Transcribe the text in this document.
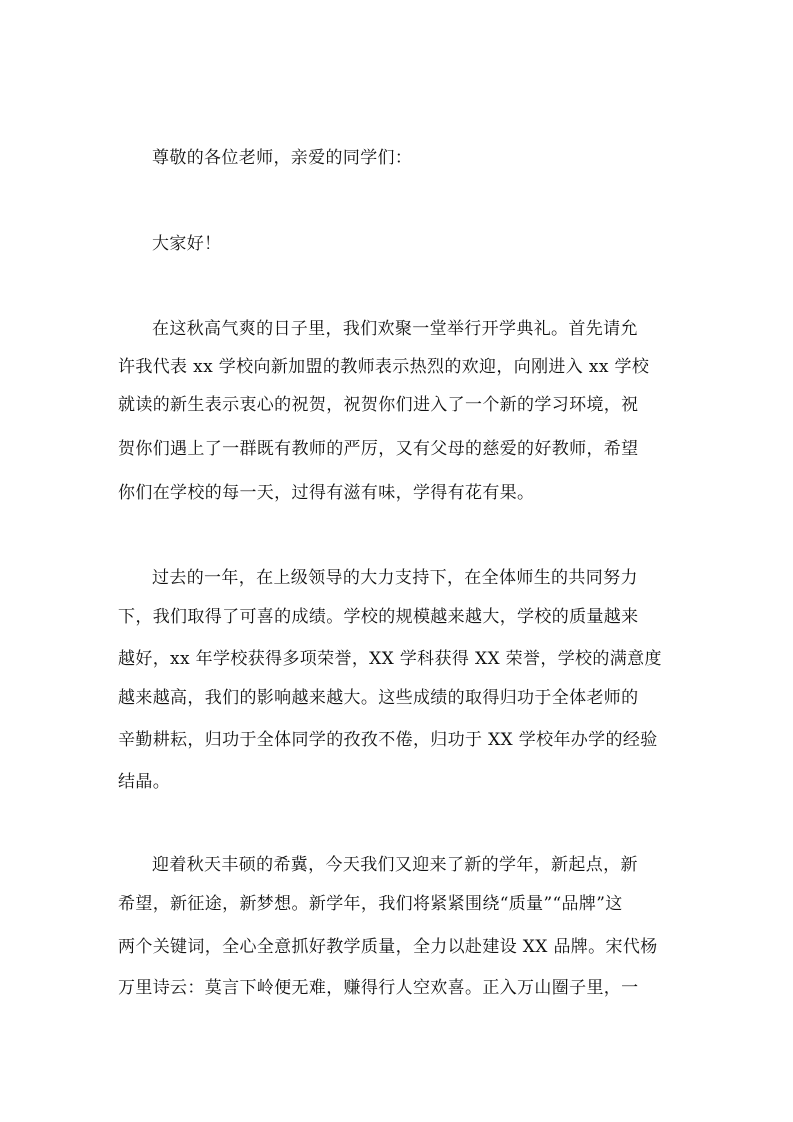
尊敬的各位老师，亲爱的同学们：
大家好！
在这秋高气爽的日子里，我们欢聚一堂举行开学典礼。首先请允
许我代表 xx 学校向新加盟的教师表示热烈的欢迎，向刚进入 xx 学校
就读的新生表示衷心的祝贺，祝贺你们进入了一个新的学习环境，祝
贺你们遇上了一群既有教师的严厉，又有父母的慈爱的好教师，希望
你们在学校的每一天，过得有滋有味，学得有花有果。
过去的一年，在上级领导的大力支持下，在全体师生的共同努力
下，我们取得了可喜的成绩。学校的规模越来越大，学校的质量越来
越好，xx 年学校获得多项荣誉，XX 学科获得 XX 荣誉，学校的满意度
越来越高，我们的影响越来越大。这些成绩的取得归功于全体老师的
辛勤耕耘，归功于全体同学的孜孜不倦，归功于 XX 学校年办学的经验
结晶。
迎着秋天丰硕的希冀，今天我们又迎来了新的学年，新起点，新
希望，新征途，新梦想。新学年，我们将紧紧围绕“质量”“品牌”这
两个关键词，全心全意抓好教学质量，全力以赴建设 XX 品牌。宋代杨
万里诗云：莫言下岭便无难，赚得行人空欢喜。正入万山圈子里，一
